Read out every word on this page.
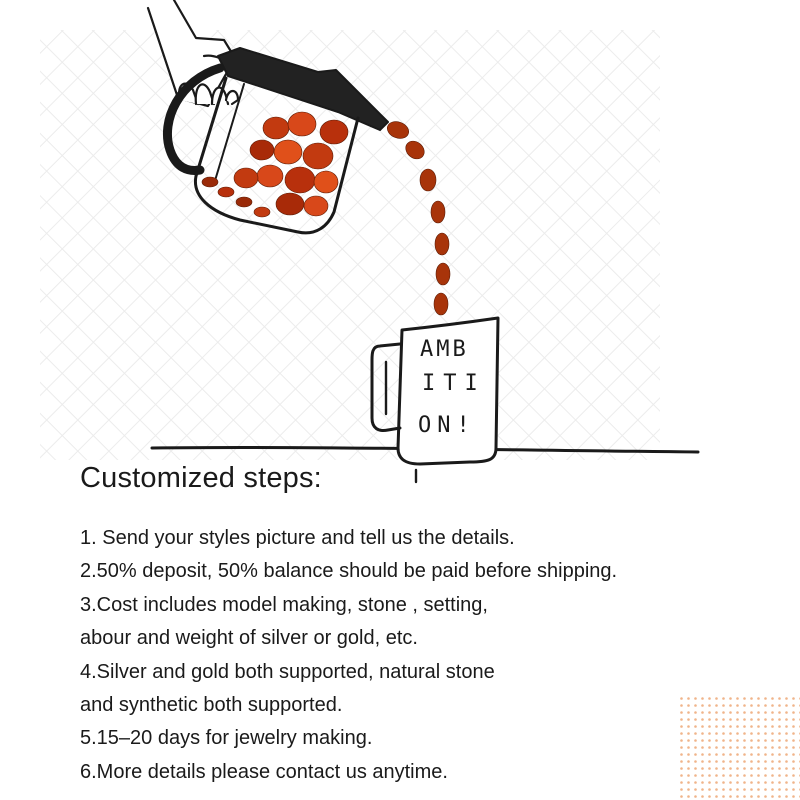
AMB
ITI
ON!
Customized steps:
1. Send your styles picture and tell us the details.
2.50% deposit, 50% balance should be paid before shipping.
3.Cost includes model making, stone , setting,
abour and weight of silver or gold, etc.
4.Silver and gold both supported, natural stone
and synthetic both supported.
5.15–20 days for jewelry making.
6.More details please contact us anytime.
